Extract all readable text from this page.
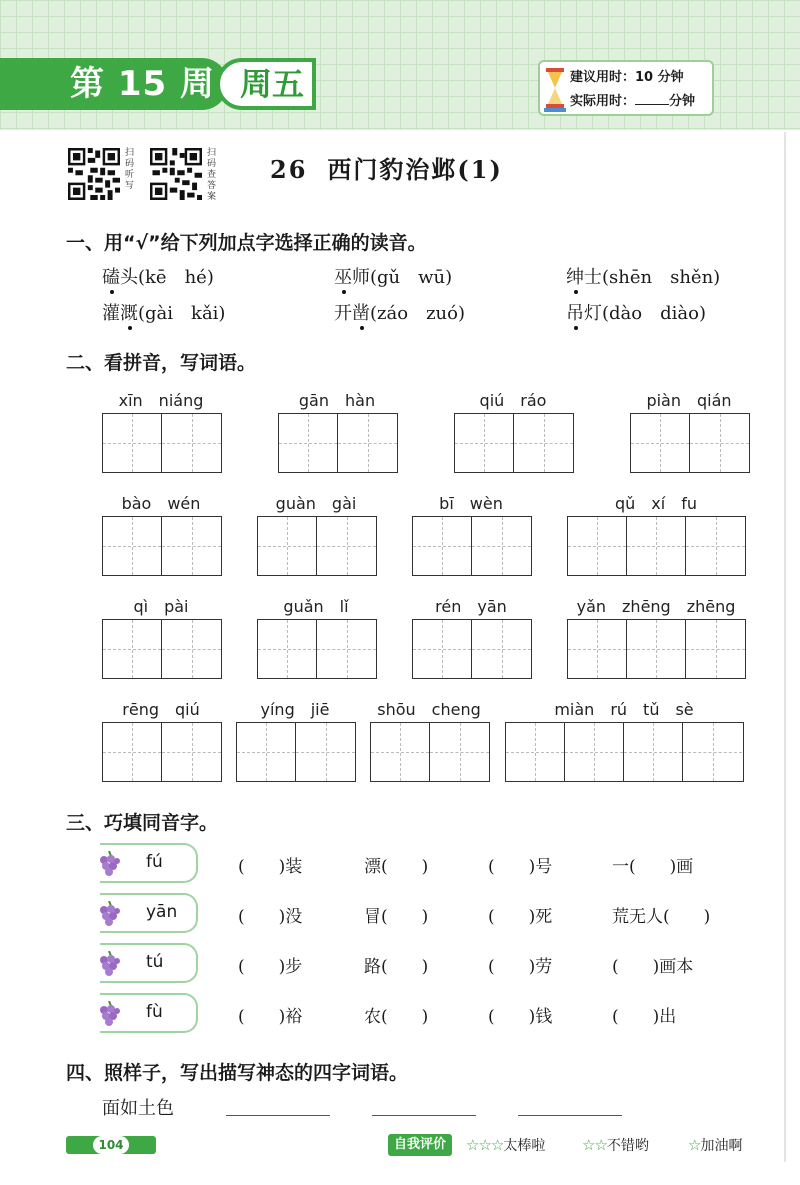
第 15 周 周五	建议用时：10 分钟
实际用时：	分钟
扫码听写
扫码查答案
26 西门豹治邺(1)
一、用“√”给下列加点字选择正确的读音。
磕头(kē　hé)	巫师(gǔ　wū)	绅士(shēn　shěn)
灌溉(gài　kǎi)	开凿(záo　zuó)	吊灯(dào　diào)
二、看拼音，写词语。
xīn　niáng	gān　hàn	qiú　ráo	piàn　qián
bào　wén	guàn　gài	bī　wèn	qǔ　xí　fu
qì　pài	guǎn　lǐ	rén　yān	yǎn　zhēng　zhēng
rēng　qiú	yíng　jiē	shōu　cheng	miàn　rú　tǔ　sè
三、巧填同音字。
fú	(　　)装	漂(　　)	(　　)号	一(　　)画
yān	(　　)没	冒(　　)	(　　)死	荒无人(　　)
tú	(　　)步	路(　　)	(　　)劳	(　　)画本
fù	(　　)裕	农(　　)	(　　)钱	(　　)出
四、照样子，写出描写神态的四字词语。
面如土色
104	自我评价	☆☆☆太棒啦 ☆☆不错哟	☆加油啊
